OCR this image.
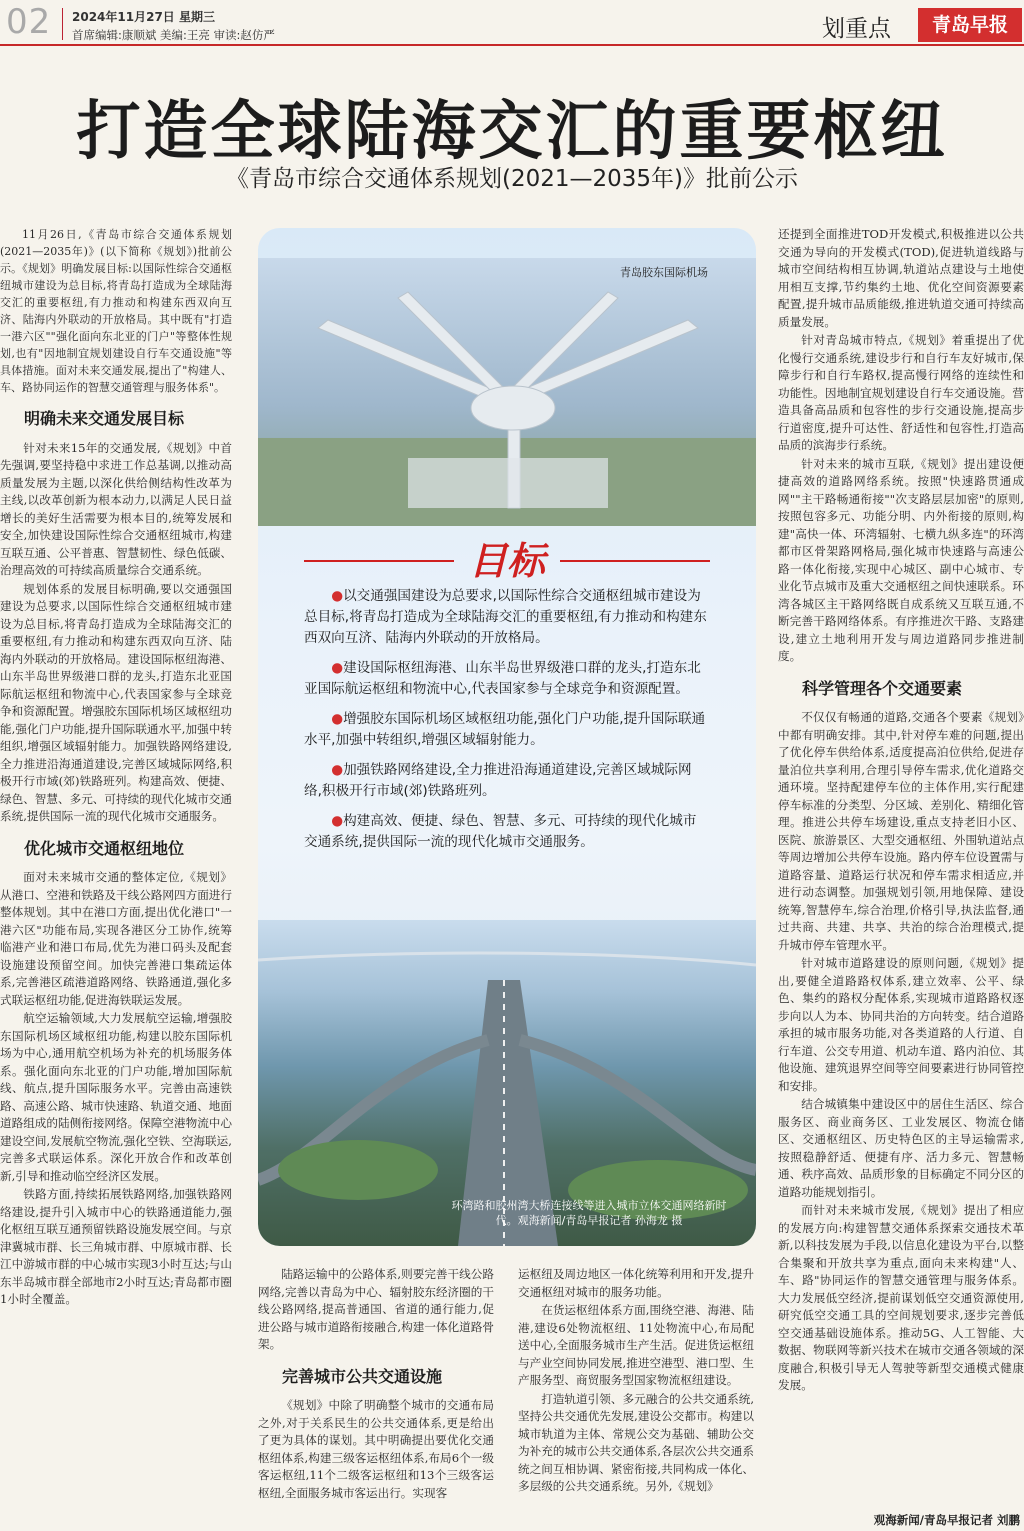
02 2024年11月27日 星期三
首席编辑:康顺斌 美编:王亮 审读:赵仿严	划重点	青岛早报
打造全球陆海交汇的重要枢纽
《青岛市综合交通体系规划(2021—2035年)》批前公示

11月26日,《青岛市综合交通体系规划(2021—2035年)》(以下简称《规划》)批前公示。《规划》明确发展目标:以国际性综合交通枢纽城市建设为总目标,将青岛打造成为全球陆海交汇的重要枢纽,有力推动和构建东西双向互济、陆海内外联动的开放格局。其中既有"打造一港六区""强化面向东北亚的门户"等整体性规划,也有"因地制宜规划建设自行车交通设施"等具体措施。面对未来交通发展,提出了"构建人、车、路协同运作的智慧交通管理与服务体系"。

明确未来交通发展目标

针对未来15年的交通发展,《规划》中首先强调,要坚持稳中求进工作总基调,以推动高质量发展为主题,以深化供给侧结构性改革为主线,以改革创新为根本动力,以满足人民日益增长的美好生活需要为根本目的,统筹发展和安全,加快建设国际性综合交通枢纽城市,构建互联互通、公平普惠、智慧韧性、绿色低碳、治理高效的可持续高质量综合交通系统。

规划体系的发展目标明确,要以交通强国建设为总要求,以国际性综合交通枢纽城市建设为总目标,将青岛打造成为全球陆海交汇的重要枢纽,有力推动和构建东西双向互济、陆海内外联动的开放格局。建设国际枢纽海港、山东半岛世界级港口群的龙头,打造东北亚国际航运枢纽和物流中心,代表国家参与全球竞争和资源配置。增强胶东国际机场区域枢纽功能,强化门户功能,提升国际联通水平,加强中转组织,增强区域辐射能力。加强铁路网络建设,全力推进沿海通道建设,完善区域城际网络,积极开行市域(郊)铁路班列。构建高效、便捷、绿色、智慧、多元、可持续的现代化城市交通系统,提供国际一流的现代化城市交通服务。

优化城市交通枢纽地位

面对未来城市交通的整体定位,《规划》从港口、空港和铁路及干线公路网四方面进行整体规划。其中在港口方面,提出优化港口"一港六区"功能布局,实现各港区分工协作,统筹临港产业和港口布局,优先为港口码头及配套设施建设预留空间。加快完善港口集疏运体系,完善港区疏港道路网络、铁路通道,强化多式联运枢纽功能,促进海铁联运发展。

航空运输领域,大力发展航空运输,增强胶东国际机场区域枢纽功能,构建以胶东国际机场为中心,通用航空机场为补充的机场服务体系。强化面向东北亚的门户功能,增加国际航线、航点,提升国际服务水平。完善由高速铁路、高速公路、城市快速路、轨道交通、地面道路组成的陆侧衔接网络。保障空港物流中心建设空间,发展航空物流,强化空铁、空海联运,完善多式联运体系。深化开放合作和改革创新,引导和推动临空经济区发展。

铁路方面,持续拓展铁路网络,加强铁路网络建设,提升引入城市中心的铁路通道能力,强化枢纽互联互通预留铁路设施发展空间。与京津冀城市群、长三角城市群、中原城市群、长江中游城市群的中心城市实现3小时互达;与山东半岛城市群全部地市2小时互达;青岛都市圈1小时全覆盖。

青岛胶东国际机场
目标

●以交通强国建设为总要求,以国际性综合交通枢纽城市建设为总目标,将青岛打造成为全球陆海交汇的重要枢纽,有力推动和构建东西双向互济、陆海内外联动的开放格局。

●建设国际枢纽海港、山东半岛世界级港口群的龙头,打造东北亚国际航运枢纽和物流中心,代表国家参与全球竞争和资源配置。

●增强胶东国际机场区域枢纽功能,强化门户功能,提升国际联通水平,加强中转组织,增强区域辐射能力。

●加强铁路网络建设,全力推进沿海通道建设,完善区域城际网络,积极开行市域(郊)铁路班列。

●构建高效、便捷、绿色、智慧、多元、可持续的现代化城市交通系统,提供国际一流的现代化城市交通服务。

环湾路和胶州湾大桥连接线等进入城市立体交通网络新时代。观海新闻/青岛早报记者 孙海龙 摄

陆路运输中的公路体系,则要完善干线公路网络,完善以青岛为中心、辐射胶东经济圈的干线公路网络,提高普通国、省道的通行能力,促进公路与城市道路衔接融合,构建一体化道路骨架。

完善城市公共交通设施

《规划》中除了明确整个城市的交通布局之外,对于关系民生的公共交通体系,更是给出了更为具体的谋划。其中明确提出要优化交通枢纽体系,构建三级客运枢纽体系,布局6个一级客运枢纽,11个二级客运枢纽和13个三级客运枢纽,全面服务城市客运出行。实现客

运枢纽及周边地区一体化统筹利用和开发,提升交通枢纽对城市的服务功能。

在货运枢纽体系方面,围绕空港、海港、陆港,建设6处物流枢纽、11处物流中心,布局配送中心,全面服务城市生产生活。促进货运枢纽与产业空间协同发展,推进空港型、港口型、生产服务型、商贸服务型国家物流枢纽建设。

打造轨道引领、多元融合的公共交通系统,坚持公共交通优先发展,建设公交都市。构建以城市轨道为主体、常规公交为基础、辅助公交为补充的城市公共交通体系,各层次公共交通系统之间互相协调、紧密衔接,共同构成一体化、多层级的公共交通系统。另外,《规划》

还提到全面推进TOD开发模式,积极推进以公共交通为导向的开发模式(TOD),促进轨道线路与城市空间结构相互协调,轨道站点建设与土地使用相互支撑,节约集约土地、优化空间资源要素配置,提升城市品质能级,推进轨道交通可持续高质量发展。

针对青岛城市特点,《规划》着重提出了优化慢行交通系统,建设步行和自行车友好城市,保障步行和自行车路权,提高慢行网络的连续性和功能性。因地制宜规划建设自行车交通设施。营造具备高品质和包容性的步行交通设施,提高步行道密度,提升可达性、舒适性和包容性,打造高品质的滨海步行系统。

针对未来的城市互联,《规划》提出建设便捷高效的道路网络系统。按照"快速路贯通成网""主干路畅通衔接""次支路层层加密"的原则,按照包容多元、功能分明、内外衔接的原则,构建"高快一体、环湾辐射、七横九纵多连"的环湾都市区骨架路网格局,强化城市快速路与高速公路一体化衔接,实现中心城区、副中心城市、专业化节点城市及重大交通枢纽之间快速联系。环湾各城区主干路网络既自成系统又互联互通,不断完善干路网络体系。有序推进次干路、支路建设,建立土地利用开发与周边道路同步推进制度。

科学管理各个交通要素

不仅仅有畅通的道路,交通各个要素《规划》中都有明确安排。其中,针对停车难的问题,提出了优化停车供给体系,适度提高泊位供给,促进存量泊位共享利用,合理引导停车需求,优化道路交通环境。坚持配建停车位的主体作用,实行配建停车标准的分类型、分区域、差别化、精细化管理。推进公共停车场建设,重点支持老旧小区、医院、旅游景区、大型交通枢纽、外围轨道站点等周边增加公共停车设施。路内停车位设置需与道路容量、道路运行状况和停车需求相适应,并进行动态调整。加强规划引领,用地保障、建设统筹,智慧停车,综合治理,价格引导,执法监督,通过共商、共建、共享、共治的综合治理模式,提升城市停车管理水平。

针对城市道路建设的原则问题,《规划》提出,要健全道路路权体系,建立效率、公平、绿色、集约的路权分配体系,实现城市道路路权逐步向以人为本、协同共治的方向转变。结合道路承担的城市服务功能,对各类道路的人行道、自行车道、公交专用道、机动车道、路内泊位、其他设施、建筑退界空间等空间要素进行协同管控和安排。

结合城镇集中建设区中的居住生活区、综合服务区、商业商务区、工业发展区、物流仓储区、交通枢纽区、历史特色区的主导运输需求,按照稳静舒适、便捷有序、活力多元、智慧畅通、秩序高效、品质形象的目标确定不同分区的道路功能规划指引。

而针对未来城市发展,《规划》提出了相应的发展方向:构建智慧交通体系探索交通技术革新,以科技发展为手段,以信息化建设为平台,以整合集聚和开放共享为重点,面向未来构建"人、车、路"协同运作的智慧交通管理与服务体系。大力发展低空经济,提前谋划低空交通资源使用,研究低空交通工具的空间规划要求,逐步完善低空交通基础设施体系。推动5G、人工智能、大数据、物联网等新兴技术在城市交通各领域的深度融合,积极引导无人驾驶等新型交通模式健康发展。

观海新闻/青岛早报记者 刘鹏
